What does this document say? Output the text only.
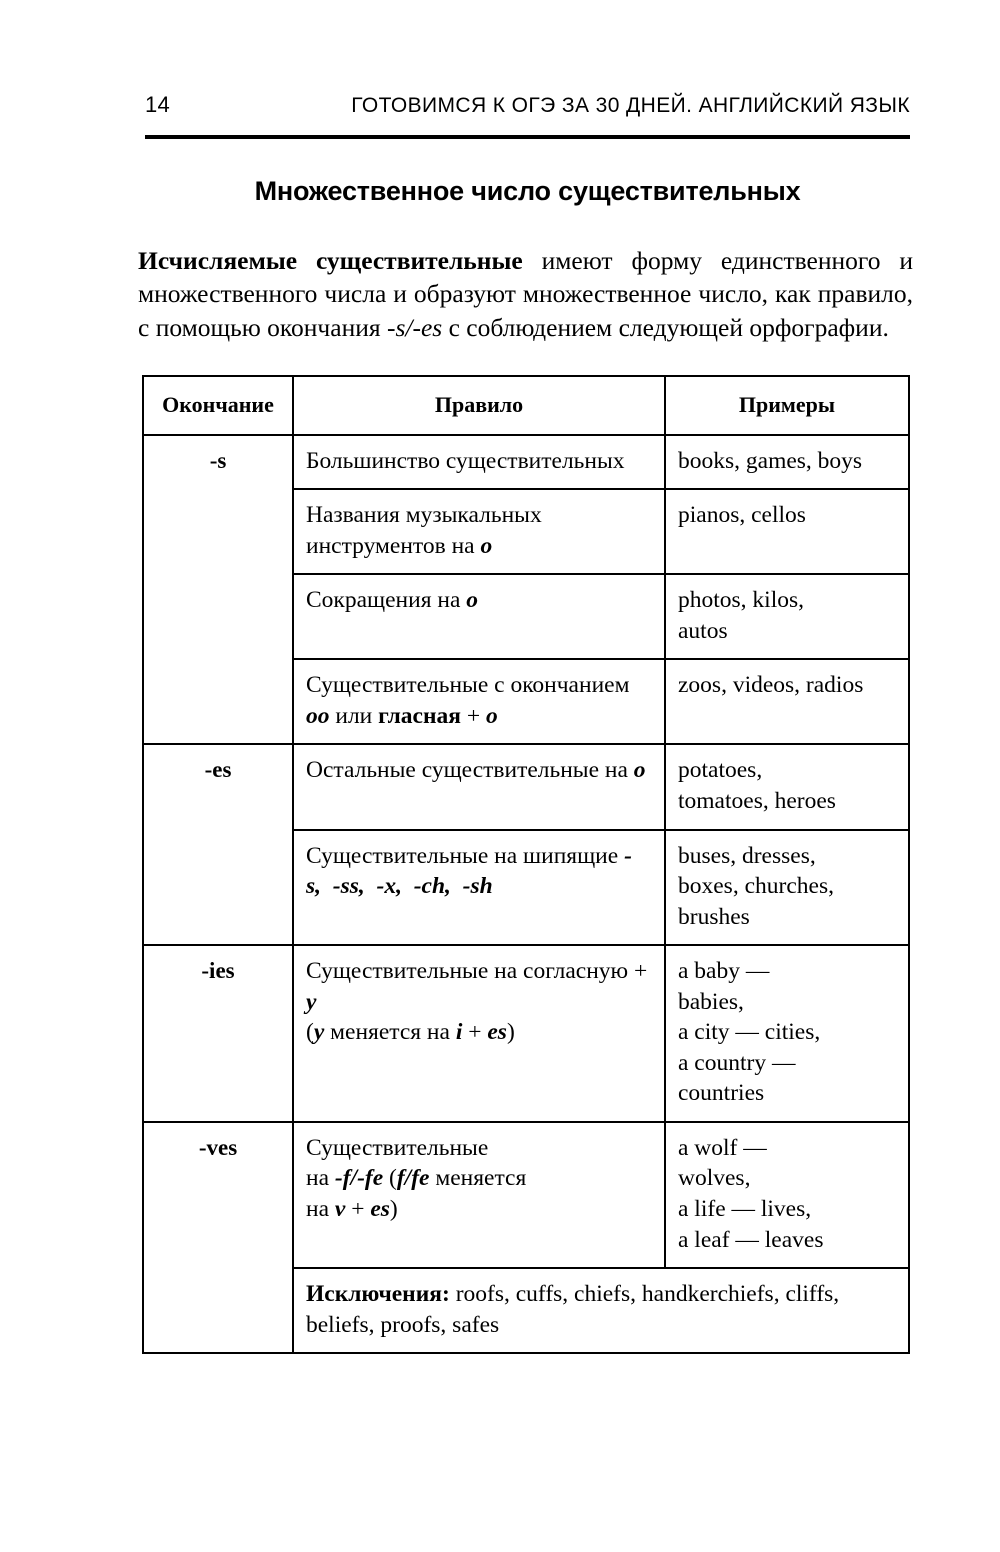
14	ГОТОВИМСЯ К ОГЭ ЗА 30 ДНЕЙ. АНГЛИЙСКИЙ ЯЗЫК
Множественное число существительных

Исчисляемые существительные имеют форму единственного и множественного числа и образуют множественное число, как правило, с помощью окончания -s/-es с соблюдением следующей орфографии.

Окончание	Правило	Примеры
-s	Большинство существительных	books, games, boys
	Названия музыкальных инструментов на о	pianos, cellos
	Сокращения на о	photos, kilos,
autos
	Существительные с окончанием оо или гласная + о	zoos, videos, radios
-es	Остальные существительные на о	potatoes,
tomatoes, heroes
	Существительные на шипящие -s,  -ss,  -x,  -ch,  -sh	buses, dresses,
boxes, churches,
brushes
-ies	Существительные на согласную + y
(y меняется на i + es)	a baby —
babies,
a city — cities,
a country —
countries
-ves	Существительные
на -f/-fe (f/fe меняется
на v + es)	a wolf —
wolves,
a life — lives,
a leaf — leaves
	Исключения: roofs, cuffs, chiefs, handkerchiefs, cliffs, beliefs, proofs, safes	
